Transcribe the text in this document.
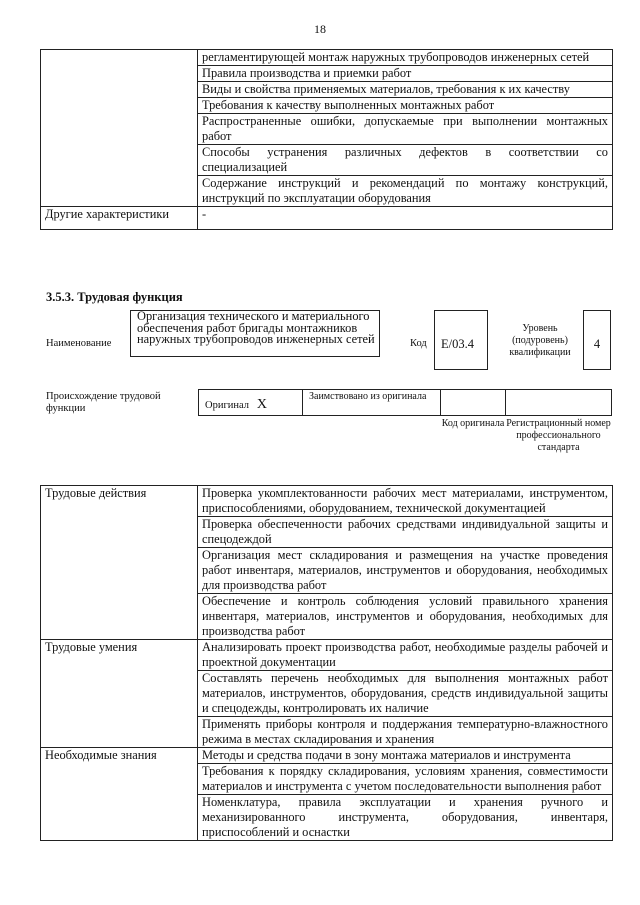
18
	регламентирующей монтаж наружных трубопроводов инженерных сетей
	Правила производства и приемки работ
	Виды и свойства применяемых материалов, требования к их качеству
	Требования к качеству выполненных монтажных работ
	Распространенные ошибки, допускаемые при выполнении монтажных работ
	Способы устранения различных дефектов в соответствии со специализацией
	Содержание инструкций и рекомендаций по монтажу конструкций, инструкций по эксплуатации оборудования
Другие характеристики	-
3.5.3. Трудовая функция
Наименование
Организация технического и материального обеспечения работ бригады монтажников наружных трубопроводов инженерных сетей	Код	E/03.4
Уровень (подуровень) квалификации
4
Происхождение трудовой функции	Оригинал X
Заимствовано из оригинала
Код оригинала Регистрационный номер профессионального стандарта
Трудовые действия	Проверка укомплектованности рабочих мест материалами, инструментом, приспособлениями, оборудованием, технической документацией
	Проверка обеспеченности рабочих средствами индивидуальной защиты и спецодеждой
	Организация мест складирования и размещения на участке проведения работ инвентаря, материалов, инструментов и оборудования, необходимых для производства работ
	Обеспечение и контроль соблюдения условий правильного хранения инвентаря, материалов, инструментов и оборудования, необходимых для производства работ
Трудовые умения	Анализировать проект производства работ, необходимые разделы рабочей и проектной документации
	Составлять перечень необходимых для выполнения монтажных работ материалов, инструментов, оборудования, средств индивидуальной защиты и спецодежды, контролировать их наличие
	Применять приборы контроля и поддержания температурно-влажностного режима в местах складирования и хранения
Необходимые знания	Методы и средства подачи в зону монтажа материалов и инструмента
	Требования к порядку складирования, условиям хранения, совместимости материалов и инструмента с учетом последовательности выполнения работ
	Номенклатура, правила эксплуатации и хранения ручного и механизированного инструмента, оборудования, инвентаря, приспособлений и оснастки
